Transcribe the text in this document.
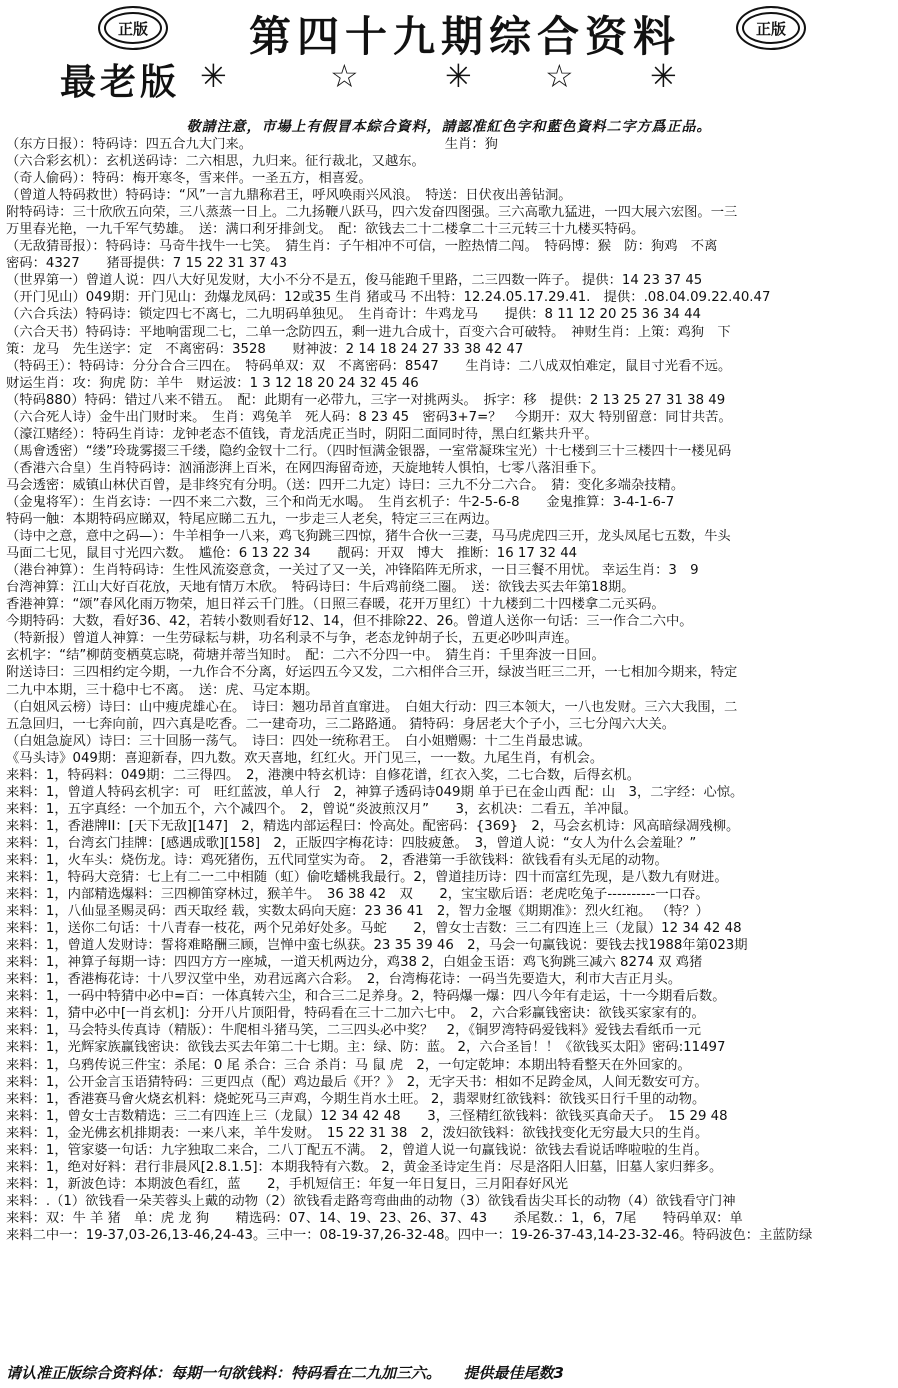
正版	第四十九期综合资料	正版
最老版 ✳	☆	✳ ☆ ✳
敬請注意，市場上有假冒本綜合資料，請認准紅色字和藍色資料二字方爲正品。
（东方日报）：特码诗：四五合九大门来。　　　　　　　　　　　　　　　生肖：狗
（六合彩玄机）：玄机送码诗：二六相思，九归来。征行裁北，又越东。
（奇人偷码）：特码：梅开寒冬，雪来伴。一圣五方，相喜爱。
（曾道人特码救世）特码诗：“风”一言九鼎称君王，呼风唤雨兴风浪。　特送：日伏夜出善钻洞。
附特码诗：三十欣欣五向荣，三八蒸蒸一日上。二九扬鞭八跃马，四六发奋四图强。三六高歌九猛进，一四大展六宏图。一三
万里春光艳，一九千军气势雄。　送：满口利牙排剑戈。　配：欲钱去二十二楼拿二十三元转三十九楼买特码。
（无敌猜哥报）：特码诗：马奇牛找牛一七笑。　猜生肖：子午相冲不可信，一腔热情二闯。　特码博：猴　防：狗鸡　不离
密码：4327　　猪哥提供：7 15 22 31 37 43
（世界第一）曾道人说：四八大好见发财，大小不分不是五，俊马能跑千里路，二三四数一阵子。 提供：14 23 37 45
（开门见山）049期：开门见山：劲爆龙凤码：12或35 生肖 猪或马 不出特：12.24.05.17.29.41.　提供：.08.04.09.22.40.47
（六合兵法）特码诗：锁定四七不离七，二九明码单独见。　生肖奇计：牛鸡龙马　　提供：8 11 12 20 25 36 34 44
（六合天书）特码诗：平地响雷现二七，二单一念防四五，剩一进九合成十，百变六合可破特。　神财生肖：上策：鸡狗　下
策：龙马　先生送字：定　不离密码：3528　　财神波：2 14 18 24 27 33 38 42 47
（特码王）：特码诗：分分合合三四在。　特码单双：双　不离密码：8547　　生肖诗：二八成双怕难定，鼠目寸光看不远。
财运生肖：攻：狗虎 防：羊牛　财运波：1 3 12 18 20 24 32 45 46
（特码880）特码：错过八来不错五。　配：此期有一必带九，三字一对挑两头。　拆字：移　提供：2 13 25 27 31 38 49
（六合死人诗）金牛出门财时来。　生肖：鸡兔羊　死人码：8 23 45　密码3+7=？　今期开：双大 特别留意：同甘共苦。
（濠江赌经）：特码生肖诗：龙钟老态不值钱，青龙活虎正当时，阴阳二面同时待，黑白红紫共升平。
（馬會透密）“缕”玲珑雾掇三千缕，隐约金钗十二行。（四时恒满金银器，一室常凝珠宝光）十七楼到三十三楼四十一楼见码
（香港六合皇）生肖特码诗：汹涌澎湃上百米，在网四海留奇迹，天旋地转人惧怕，七零八落泪垂下。
马会透密：威镇山林伏百曾，是非终究有分明。（送：四开二九定）诗曰：三九不分二六合。　猜：变化多端杂技精。
（金鬼将军）：生肖玄诗：一四不来二六数，三个和尚无水喝。　生肖玄机子：牛2-5-6-8　　金鬼推算：3-4-1-6-7
特码一触：本期特码应睇双，特尾应睇二五九，一步走三人老矣，特定三三在两边。
（诗中之意，意中之码—）：牛羊相争一八来，鸡飞狗跳三四惊，猪牛合伙一三妻，马马虎虎四三开，龙头凤尾七五数，牛头
马面二七见，鼠目寸光四六数。　尴伧：6 13 22 34　　靓码：开双　博大　推断：16 17 32 44
（港台神算）：生肖特码诗：生性风流姿意贪，一关过了又一关，冲锋陷阵无所求，一日三餐不用忧。 幸运生肖：3　9
台湾神算：江山大好百花放，天地有情万木欣。　特码诗曰：牛后鸡前绕二圈。　送：欲钱去买去年第18期。
香港神算：“颂”春风化雨万物荣，旭日祥云千门胜。（日照三春暖，花开万里红）十九楼到二十四楼拿二元买码。
今期特码：大数，看好36、42，若转小数则看好12、14，但不排除22、26。曾道人送你一句话：三一作合二六中。
（特新报）曾道人神算：一生劳碌耘与耕，功名利录不与争，老态龙钟胡子长，五更必吵叫声连。
玄机字：“结”柳荫变栖莫忘晓，荷塘并蒂当知时。　配：二六不分四一中。　猜生肖：千里奔波一日回。
附送诗曰：三四相约定今期，一九作合不分离，好运四五今又发，二六相伴合三开，绿波当旺三二开，一七相加今期来，特定
二九中本期，三十稳中七不离。　送：虎、马定本期。
（白姐风云榜）诗曰：山中瘦虎雄心在。　诗曰：翘功昂首直窜进。　白姐大行动：四三本领大，一八也发财。三六大我围，二
五急回归，一七奔向前，四六真是吃香。二一建奇功，三二路路通。 猜特码：身居老大个子小，三七分闯六大关。
（白姐急旋风）诗曰：三十回肠一荡气。　诗曰：四处一统称君王。　白小姐赠赐：十二生肖最忠诚。
《马头诗》049期：喜迎新春，四九数。欢天喜地，红红火。开门见三，一一数。九尾生肖，有机会。
来料：1，特码料：049期：二三得四。　2，港澳中特玄机诗：自修花谱，红衣入奖，二七合数，后得玄机。
来料：1，曾道人特码玄机字：可　旺红蓝波，单人行　2，神算子透码诗049期 单于已在金山西 配：山　3，二字经：心惊。
来料：1，五字真经：一个加五个，六个减四个。　2，曾说“炎波煎汉月”　　3，玄机决：二看五，羊冲鼠。
来料：1，香港牌II：[天下无敌][147]　2，精选内部运程曰：怜高处。配密码：{369}　2，马会玄机诗：风高暗绿凋残柳。
来料：1，台湾玄门挂牌：[感遇成歌][158]　2，正版四字梅花诗：四肢疲惫。　3，曾道人说：“女人为什么会羞耻？”
来料：1，火车头：烧伤龙。诗：鸡死猪伤，五代同堂实为奇。　2，香港第一手欲钱料：欲钱看有头无尾的动物。
来料：1，特码大竞猜：七上有二一二中相随（虹）偷吃蟠桃我最行。2，曾道挂历诗：四十而富红先现，是八数九有财进。
来料：1，内部精选爆料：三四柳笛穿林过，猴羊牛。　36 38 42　双　　2，宝宝歇后语：老虎吃兔子----------一口吞。
来料：1，八仙显圣赐灵码：西天取经 载，实数太码向天庭：23 36 41　2，智力金堰《期期准》：烈火红袍。 （特？）
来料：1，送你二句话：十八青春一枝花，两个兄弟好处多。马蛇　　2，曾女士吉数：三二有四连上三（龙鼠）12 34 42 48
来料：1，曾道人发财诗：誓将难略酬三顾，岂惮中蛮七纵获。23 35 39 46　2，马会一句赢钱说：要钱去找1988年第023期
来料：1，神算子每期一诗：四四方方一座城，一道天机两边分，鸡38 2，白姐金玉语：鸡飞狗跳三减六 8274 双 鸡猪
来料：1，香港梅花诗：十八罗汉堂中坐，劝君远离六合彩。　2，台湾梅花诗：一码当先要造大，利市大吉正月头。
来料：1，一码中特猜中必中=百：一体真转六尘，和合三二足养身。2，特码爆一爆：四八今年有走运，十一今期看后数。
来料：1，猜中必中[一肖玄机]：分开八片顶阳骨，特码看在三十二加六七中。　2，六合彩赢钱密诀：欲钱买家家有的。
来料：1，马会特头传真诗（精版）：牛爬相斗猪马笑，二三四头必中奖？　2，《铜罗湾特码爱钱料》爱钱去看纸币一元
来料：1，光辉家族赢钱密诀：欲钱去买去年第二十七期。主：绿、防：蓝。 2，六合圣旨！！《欲钱买太阳》密码:11497
来料：1，乌鸦传说三件宝：杀尾：0 尾 杀合：三合 杀肖：马 鼠 虎　2，一句定乾坤：本期出特看整天在外回家的。
来料：1，公开金言玉语猜特码：三更四点（配）鸡边最后《开？》　2，无字天书：相如不足跨金凤，人间无数安可方。
来料：1，香港赛马會火烧玄机料：烧蛇死马三声鸡，今期生肖水土旺。 2，翡翠财红欲钱料：欲钱买日行千里的动物。
来料：1，曾女士吉数精选：三二有四连上三（龙鼠）12 34 42 48　　3，三怪精红欲钱料：欲钱买真命天子。　15 29 48
来料：1，金光佛玄机排期表：一来八来，羊牛发财。　15 22 31 38　2，泼妇欲钱料：欲钱找变化无穷最大只的生肖。
来料：1，管家婆一句话：九字独取二来合，二八丁配五不满。　2，曾道人说一句赢钱说：欲钱去看说话哗啦啦的生肖。
来料：1，绝对好料：君行非晨风[2.8.1.5]：本期我特有六数。 2，黄金圣诗定生肖：尽是洛阳人旧墓，旧墓人家归葬多。
来料：1，新波色诗：本期波色看红，蓝　　2，手机短信王：年复一年日复日，三月阳春好风光
来料：.（1）欲钱看一朵芙蓉头上戴的动物（2）欲钱看走路弯弯曲曲的动物（3）欲钱看齿尖耳长的动物（4）欲钱看守门神
来料：双：牛 羊 猪　单：虎 龙 狗　　精选码：07、14、19、23、26、37、43　　杀尾数.：1，6，7尾　　特码单双：单
来料二中一：19-37,03-26,13-46,24-43。三中一：08-19-37,26-32-48。四中一：19-26-37-43,14-23-32-46。特码波色：主蓝防绿
请认准正版综合资料体：每期一句欲钱料：特码看在二九加三六。　　提供最佳尾数3
